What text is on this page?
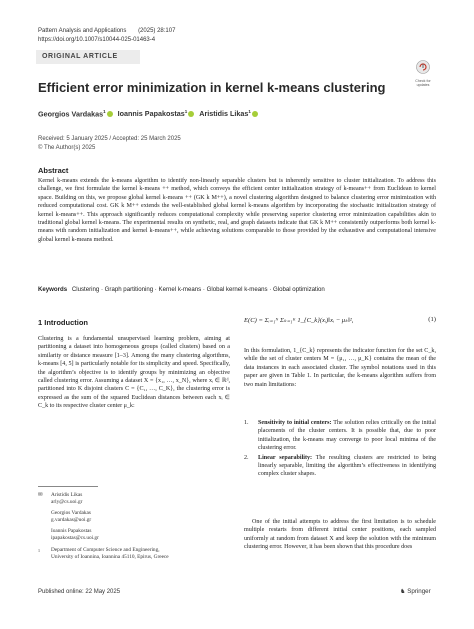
Pattern Analysis and Applications (2025) 28:107
https://doi.org/10.1007/s10044-025-01463-4
ORIGINAL ARTICLE
Check for
updates
Efficient error minimization in kernel k-means clustering
Georgios Vardakas$^1$ Ioannis Papakostas$^1$ Aristidis Likas$^1$
Received: 5 January 2025 / Accepted: 25 March 2025
© The Author(s) 2025
Abstract
Kernel k-means extends the k-means algorithm to identify non-linearly separable clusters but is inherently sensitive to cluster initialization. To address this challenge, we first formulate the kernel k-means ++ method, which conveys the efficient center initialization strategy of k-means++ from Euclidean to kernel space. Building on this, we propose global kernel k-means ++ (GK k M++), a novel clustering algorithm designed to balance clustering error minimization with reduced computational cost. GK k M++ extends the well-established global kernel k-means algorithm by incorporating the stochastic initialization strategy of kernel k-means++. This approach significantly reduces computational complexity while preserving superior clustering error minimization capabilities akin to traditional global kernel k-means. The experimental results on synthetic, real, and graph datasets indicate that GK k M++ consistently outperforms both kernel k-means with random initialization and kernel k-means++, while achieving solutions comparable to those provided by the exhaustive and computational intensive global kernel k-means method.
Keywords Clustering · Graph partitioning · Kernel k-means · Global kernel k-means · Global optimization
1 Introduction
Clustering is a fundamental unsupervised learning problem, aiming at partitioning a dataset into homogeneous groups (called clusters) based on a similarity or distance measure [1–3]. Among the many clustering algorithms, k-means [4, 5] is particularly notable for its simplicity and speed. Specifically, the algorithm’s objective is to identify groups by minimizing an objective called clustering error. Assuming a dataset X = {x₁, …, x_N}, where xᵢ ∈ ℝᵈ, partitioned into K disjoint clusters C = {C₁, …, C_K}, the clustering error is expressed as the sum of the squared Euclidean distances between each xᵢ ∈ C_k to its respective cluster center μ_k:
✉ Aristidis Likas
arly@cs.uoi.gr
Georgios Vardakas
g.vardakas@uoi.gr
Ioannis Papakostas
ipapakostas@cs.uoi.gr
1 Department of Computer Science and Engineering,
University of Ioannina, Ioannina 45110, Epirus, Greece
E(C) = Σᵢ₌₁ᴺ Σₖ₌₁ᴷ 1_{C_k}(xᵢ)‖xᵢ − μₖ‖²,	(1)
In this formulation, 1_{C_k} represents the indicator function for the set C_k, while the set of cluster centers M = {μ₁, …, μ_K} contains the mean of the data instances in each associated cluster. The symbol notations used in this paper are given in Table 1. In particular, the k-means algorithm suffers from two main limitations:
1. Sensitivity to initial centers: The solution relies critically on the initial placements of the cluster centers. It is possible that, due to poor initialization, the k-means may converge to poor local minima of the clustering error.
2. Linear separability: The resulting clusters are restricted to being linearly separable, limiting the algorithm’s effectiveness in identifying complex cluster shapes.
One of the initial attempts to address the first limitation is to schedule multiple restarts from different initial center positions, each sampled uniformly at random from dataset X and keep the solution with the minimum clustering error. However, it has been shown that this procedure does
Published online: 22 May 2025	♞ Springer
